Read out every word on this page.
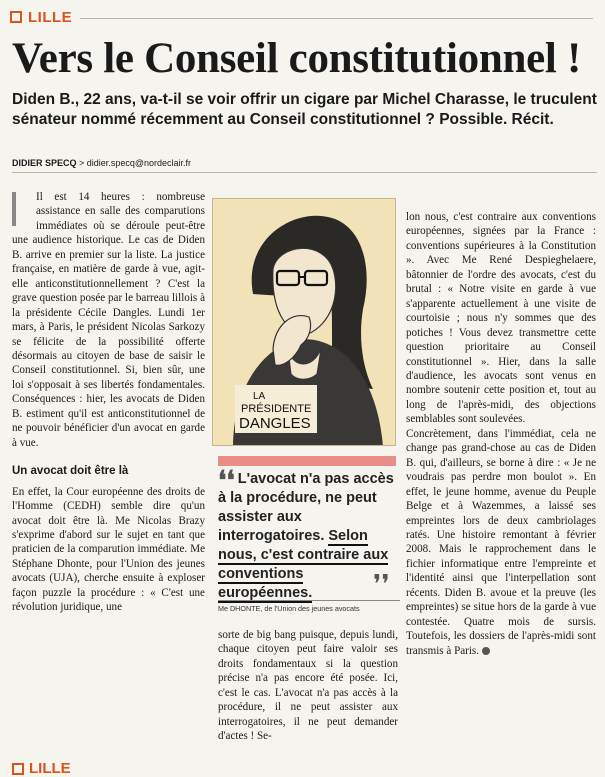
LILLE
Vers le Conseil constitutionnel !
Diden B., 22 ans, va-t-il se voir offrir un cigare par Michel Charasse, le truculent sénateur nommé récemment au Conseil constitutionnel ? Possible. Récit.
DIDIER SPECQ > didier.specq@nordeclair.fr

Il est 14 heures : nombreuse assistance en salle des comparutions immédiates où se déroule peut-être une audience historique. Le cas de Diden B. arrive en premier sur la liste. La justice française, en matière de garde à vue, agit-elle anticonstitutionnellement ? C'est la grave question posée par le barreau lillois à la présidente Cécile Dangles. Lundi 1er mars, à Paris, le président Nicolas Sarkozy se félicite de la possibilité offerte désormais au citoyen de base de saisir le Conseil constitutionnel. Si, bien sûr, une loi s'opposait à ses libertés fondamentales. Conséquences : hier, les avocats de Diden B. estiment qu'il est anticonstitutionnel de ne pouvoir bénéficier d'un avocat en garde à vue.

Un avocat doit être là

En effet, la Cour européenne des droits de l'Homme (CEDH) semble dire qu'un avocat doit être là. Me Nicolas Brazy s'exprime d'abord sur le sujet en tant que praticien de la comparution immédiate. Me Stéphane Dhonte, pour l'Union des jeunes avocats (UJA), cherche ensuite à exploser façon puzzle la procédure : « C'est une révolution juridique, une

LA
PRÉSIDENTE
DANGLES
❛❛ L'avocat n'a pas accès à la procédure, ne peut assister aux interrogatoires. Selon nous, c'est contraire aux conventions européennes.	❜❜
Me DHONTE, de l'Union des jeunes avocats

sorte de big bang puisque, depuis lundi, chaque citoyen peut faire valoir ses droits fondamentaux si la question précise n'a pas encore été posée. Ici, c'est le cas. L'avocat n'a pas accès à la procédure, il ne peut assister aux interrogatoires, il ne peut demander d'actes ! Se-

lon nous, c'est contraire aux conventions européennes, signées par la France : conventions supérieures à la Constitution ». Avec Me René Despieghelaere, bâtonnier de l'ordre des avocats, c'est du brutal : « Notre visite en garde à vue s'apparente actuellement à une visite de courtoisie ; nous n'y sommes que des potiches ! Vous devez transmettre cette question prioritaire au Conseil constitutionnel ». Hier, dans la salle d'audience, les avocats sont venus en nombre soutenir cette position et, tout au long de l'après-midi, des objections semblables sont soulevées.

Concrètement, dans l'immédiat, cela ne change pas grand-chose au cas de Diden B. qui, d'ailleurs, se borne à dire : « Je ne voudrais pas perdre mon boulot ». En effet, le jeune homme, avenue du Peuple Belge et à Wazemmes, a laissé ses empreintes lors de deux cambriolages ratés. Une histoire remontant à février 2008. Mais le rapprochement dans le fichier informatique entre l'empreinte et l'identité ainsi que l'interpellation sont récents. Diden B. avoue et la preuve (les empreintes) se situe hors de la garde à vue contestée. Quatre mois de sursis. Toutefois, les dossiers de l'après-midi sont transmis à Paris.

LILLE
